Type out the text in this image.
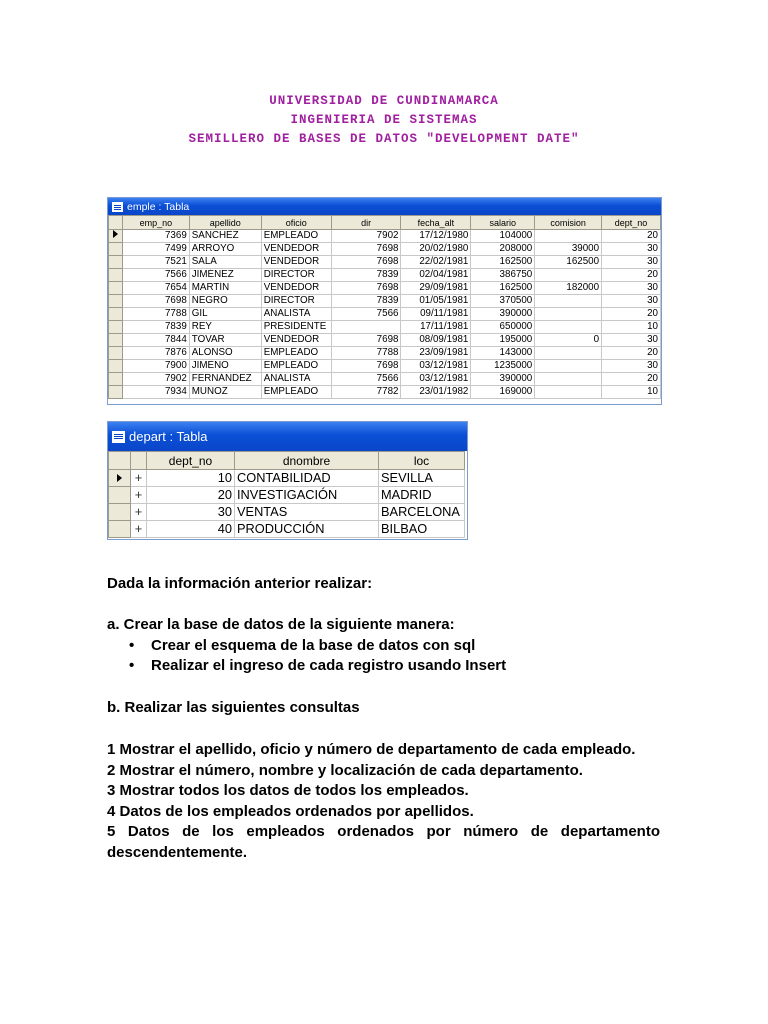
UNIVERSIDAD DE CUNDINAMARCA
INGENIERIA DE SISTEMAS
SEMILLERO DE BASES DE DATOS "DEVELOPMENT DATE"
emple : Tabla
	emp_no	apellido	oficio	dir	fecha_alt	salario	comision	dept_no
	7369	SÁNCHEZ	EMPLEADO	7902	17/12/1980	104000		20
	7499	ARROYO	VENDEDOR	7698	20/02/1980	208000	39000	30
	7521	SALA	VENDEDOR	7698	22/02/1981	162500	162500	30
	7566	JIMÉNEZ	DIRECTOR	7839	02/04/1981	386750		20
	7654	MARTÍN	VENDEDOR	7698	29/09/1981	162500	182000	30
	7698	NEGRO	DIRECTOR	7839	01/05/1981	370500		30
	7788	GIL	ANALISTA	7566	09/11/1981	390000		20
	7839	REY	PRESIDENTE		17/11/1981	650000		10
	7844	TOVAR	VENDEDOR	7698	08/09/1981	195000	0	30
	7876	ALONSO	EMPLEADO	7788	23/09/1981	143000		20
	7900	JIMENO	EMPLEADO	7698	03/12/1981	1235000		30
	7902	FERNÁNDEZ	ANALISTA	7566	03/12/1981	390000		20
	7934	MUÑOZ	EMPLEADO	7782	23/01/1982	169000		10
depart : Tabla
		dept_no	dnombre	loc
	+	10	CONTABILIDAD	SEVILLA
	+	20	INVESTIGACIÓN	MADRID
	+	30	VENTAS	BARCELONA
	+	40	PRODUCCIÓN	BILBAO
Dada la información anterior realizar:
a. Crear la base de datos de la siguiente manera:
• Crear el esquema de la base de datos con sql
• Realizar el ingreso de cada registro usando Insert
b. Realizar las siguientes consultas
1 Mostrar el apellido, oficio y número de departamento de cada empleado.
2 Mostrar el número, nombre y localización de cada departamento.
3 Mostrar todos los datos de todos los empleados.
4 Datos de los empleados ordenados por apellidos.
5 Datos de los empleados ordenados por número de departamento descendentemente.
